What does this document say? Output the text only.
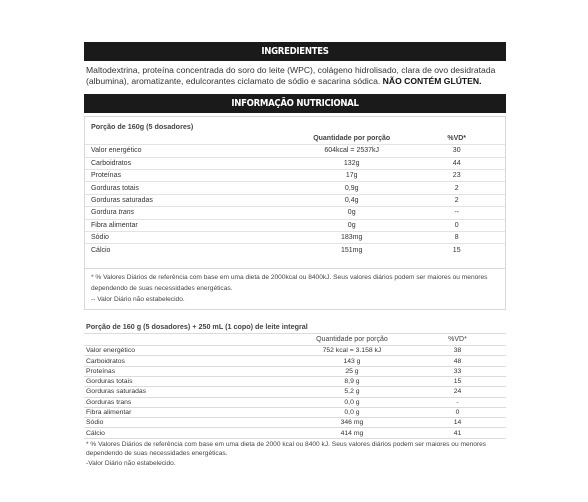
INGREDIENTES
Maltodextrina, proteína concentrada do soro do leite (WPC), colágeno hidrolisado, clara de ovo desidratada (albumina), aromatizante, edulcorantes ciclamato de sódio e sacarina sódica. NÃO CONTÉM GLÚTEN.
INFORMAÇÃO NUTRICIONAL
Porção de 160g (5 dosadores)
	Quantidade por porção	%VD*
Valor energético	604kcal = 2537kJ	30
Carboidratos	132g	44
Proteínas	17g	23
Gorduras totais	0,9g	2
Gorduras saturadas	0,4g	2
Gordura trans	0g	--
Fibra alimentar	0g	0
Sódio	183mg	8
Cálcio	151mg	15
* % Valores Diários de referência com base em uma dieta de 2000kcal ou 8400kJ. Seus valores diários podem ser maiores ou menores dependendo de suas necessidades energéticas.
-- Valor Diário não estabelecido.
Porção de 160 g (5 dosadores) + 250 mL (1 copo) de leite integral
	Quantidade por porção	%VD*
Valor energético	752 kcal = 3.158 kJ	38
Carboidratos	143 g	48
Proteínas	25 g	33
Gorduras totais	8,9 g	15
Gorduras saturadas	5,2 g	24
Gorduras trans	0,0 g	-
Fibra alimentar	0,0 g	0
Sódio	346 mg	14
Cálcio	414 mg	41
* % Valores Diários de referência com base em uma dieta de 2000 kcal ou 8400 kJ. Seus valores diários podem ser maiores ou menores dependendo de suas necessidades energéticas.
-Valor Diário não estabelecido.
